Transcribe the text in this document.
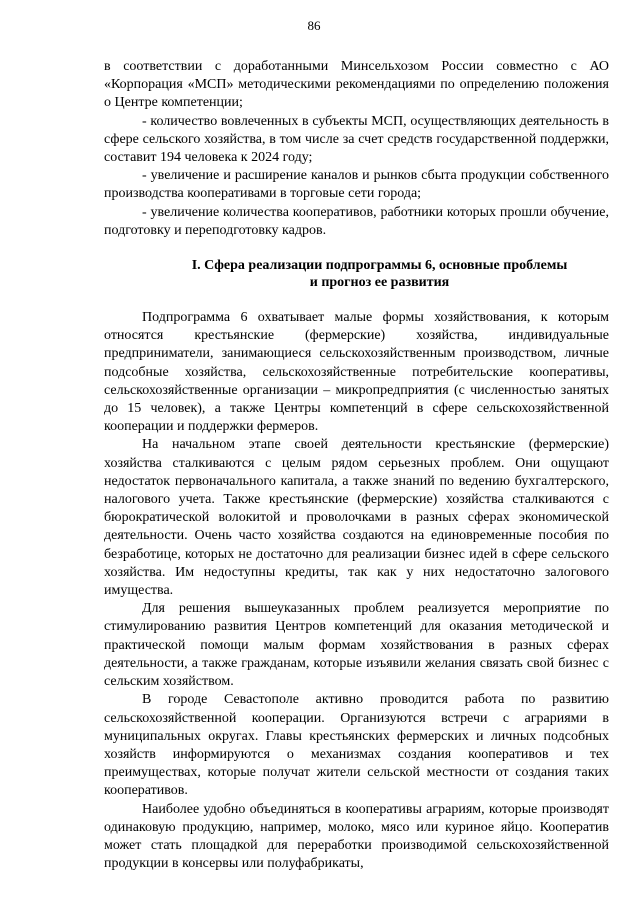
86

в соответствии с доработанными Минсельхозом России совместно с АО «Корпорация «МСП» методическими рекомендациями по определению положения о Центре компетенции;

- количество вовлеченных в субъекты МСП, осуществляющих деятельность в сфере сельского хозяйства, в том числе за счет средств государственной поддержки, составит 194 человека к 2024 году;

- увеличение и расширение каналов и рынков сбыта продукции собственного производства кооперативами в торговые сети города;

- увеличение количества кооперативов, работники которых прошли обучение, подготовку и переподготовку кадров.

I. Сфера реализации подпрограммы 6, основные проблемы
и прогноз ее развития

Подпрограмма 6 охватывает малые формы хозяйствования, к которым относятся крестьянские (фермерские) хозяйства, индивидуальные предприниматели, занимающиеся сельскохозяйственным производством, личные подсобные хозяйства, сельскохозяйственные потребительские кооперативы, сельскохозяйственные организации – микропредприятия (с численностью занятых до 15 человек), а также Центры компетенций в сфере сельскохозяйственной кооперации и поддержки фермеров.

На начальном этапе своей деятельности крестьянские (фермерские) хозяйства сталкиваются с целым рядом серьезных проблем. Они ощущают недостаток первоначального капитала, а также знаний по ведению бухгалтерского, налогового учета. Также крестьянские (фермерские) хозяйства сталкиваются с бюрократической волокитой и проволочками в разных сферах экономической деятельности. Очень часто хозяйства создаются на единовременные пособия по безработице, которых не достаточно для реализации бизнес идей в сфере сельского хозяйства. Им недоступны кредиты, так как у них недостаточно залогового имущества.

Для решения вышеуказанных проблем реализуется мероприятие по стимулированию развития Центров компетенций для оказания методической и практической помощи малым формам хозяйствования в разных сферах деятельности, а также гражданам, которые изъявили желания связать свой бизнес с сельским хозяйством.

В городе Севастополе активно проводится работа по развитию сельскохозяйственной кооперации. Организуются встречи с аграриями в муниципальных округах. Главы крестьянских фермерских и личных подсобных хозяйств информируются о механизмах создания кооперативов и тех преимуществах, которые получат жители сельской местности от создания таких кооперативов.

Наиболее удобно объединяться в кооперативы аграриям, которые производят одинаковую продукцию, например, молоко, мясо или куриное яйцо. Кооператив может стать площадкой для переработки производимой сельскохозяйственной продукции в консервы или полуфабрикаты,
